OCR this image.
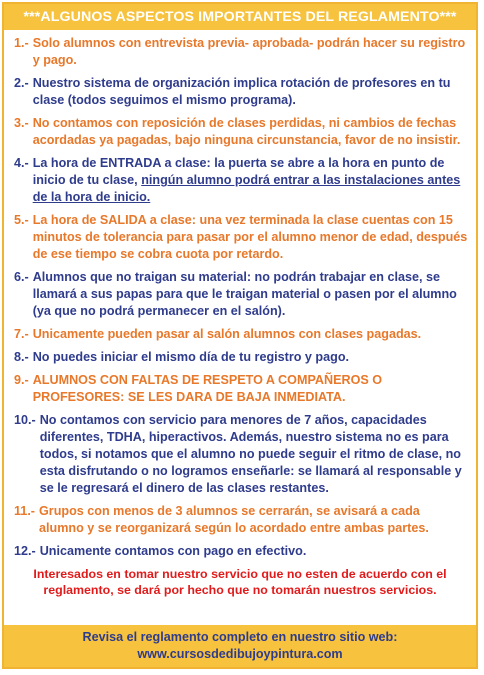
***ALGUNOS ASPECTOS IMPORTANTES DEL REGLAMENTO***
1.- Solo alumnos con entrevista previa- aprobada- podrán hacer su registro y pago.
2.- Nuestro sistema de organización implica rotación de profesores en tu clase (todos seguimos el mismo programa).
3.- No contamos con reposición de clases perdidas, ni cambios de fechas acordadas ya pagadas, bajo ninguna circunstancia, favor de no insistir.
4.- La hora de ENTRADA a clase: la puerta se abre a la hora en punto de inicio de tu clase, ningún alumno podrá entrar a las instalaciones antes de la hora de inicio.
5.- La hora de SALIDA a clase: una vez terminada la clase cuentas con 15 minutos de tolerancia para pasar por el alumno menor de edad, después de ese tiempo se cobra cuota por retardo.
6.- Alumnos que no traigan su material: no podrán trabajar en clase, se llamará a sus papas para que le traigan material o pasen por el alumno (ya que no podrá permanecer en el salón).
7.- Unicamente pueden pasar al salón alumnos con clases pagadas.
8.- No puedes iniciar el mismo día de tu registro y pago.
9.- ALUMNOS CON FALTAS DE RESPETO A COMPAÑEROS O PROFESORES: SE LES DARA DE BAJA INMEDIATA.
10.- No contamos con servicio para menores de 7 años, capacidades diferentes, TDHA, hiperactivos. Además, nuestro sistema no es para todos, si notamos que el alumno no puede seguir el ritmo de clase, no esta disfrutando o no logramos enseñarle: se llamará al responsable y se le regresará el dinero de las clases restantes.
11.- Grupos con menos de 3 alumnos se cerrarán, se avisará a cada alumno y se reorganizará según lo acordado entre ambas partes.
12.- Unicamente contamos con pago en efectivo.
Interesados en tomar nuestro servicio que no esten de acuerdo con el reglamento, se dará por hecho que no tomarán nuestros servicios.
Revisa el reglamento completo en nuestro sitio web:
www.cursosdedibujoypintura.com
